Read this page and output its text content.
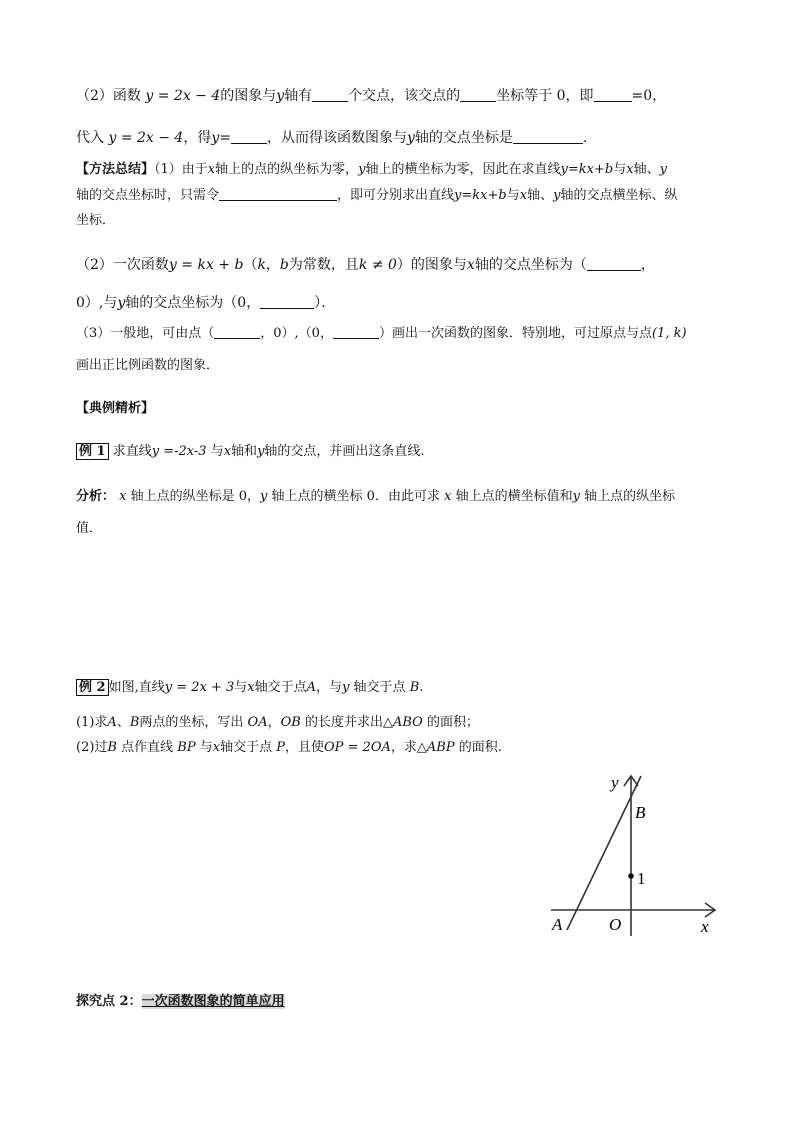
（2）函数 y = 2x − 4的图象与y轴有	个交点，该交点的	坐标等于 0，即	=0，
代入 y = 2x − 4，得y=	，从而得该函数图象与y轴的交点坐标是	.
【方法总结】（1）由于x轴上的点的纵坐标为零，y轴上的横坐标为零，因此在求直线y=kx+b与x轴、y
轴的交点坐标时，只需令	，即可分别求出直线y=kx+b与x轴、y轴的交点横坐标、纵
坐标．
（2）一次函数y = kx + b（k，b为常数，且k ≠ 0）的图象与x轴的交点坐标为（	，
0）,与y轴的交点坐标为（0，	）．
（3）一般地，可由点（	，0）,（0，	）画出一次函数的图象．特别地，可过原点与点(1, k)
画出正比例函数的图象．
【典例精析】
例 1 求直线y =-2x-3 与x轴和y轴的交点，并画出这条直线.
分析： x 轴上点的纵坐标是 0，y 轴上点的横坐标 0．由此可求 x 轴上点的横坐标值和y 轴上点的纵坐标
值．
例 2 如图,直线y = 2x + 3与x轴交于点A，与y 轴交于点 B.
(1)求A、B两点的坐标，写出 OA，OB 的长度并求出△ABO 的面积；
(2)过B 点作直线 BP 与x轴交于点 P，且使OP = 2OA，求△ABP 的面积.
y
x
B
1
A	O
探究点 2：一次函数图象的简单应用
